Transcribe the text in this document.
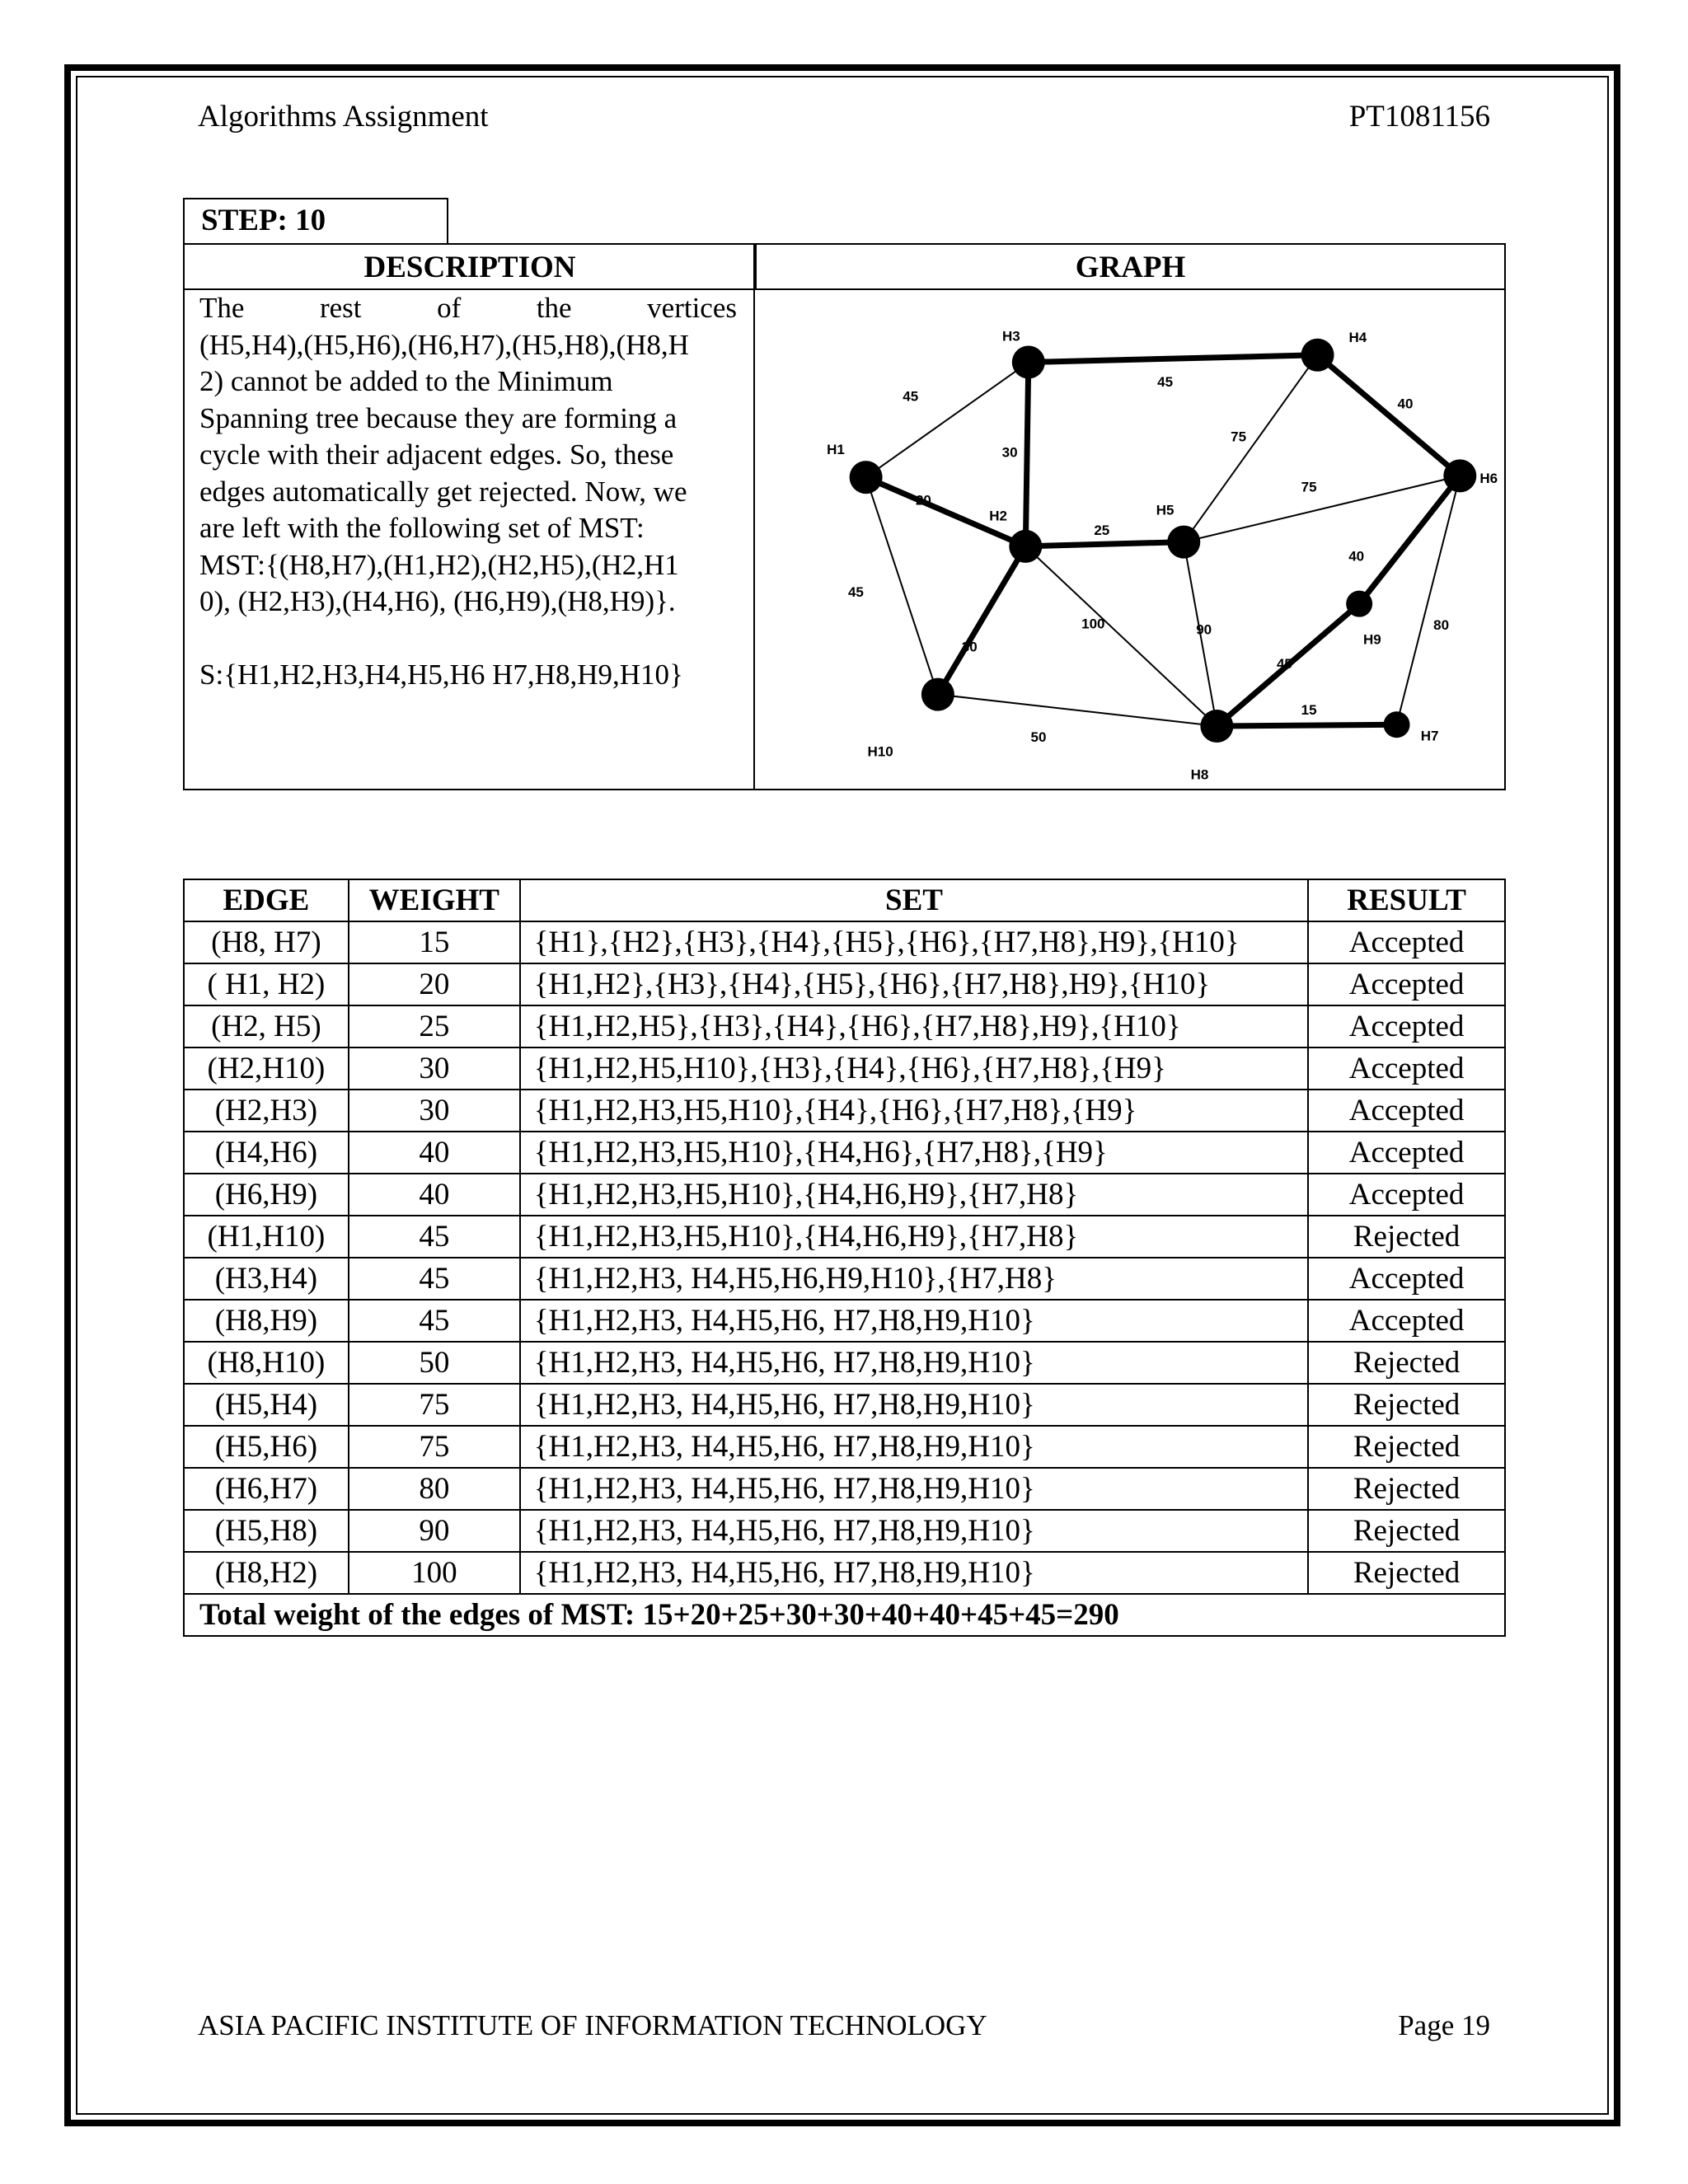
Algorithms Assignment	PT1081156
STEP: 10
DESCRIPTION	GRAPH

The rest of the vertices
(H5,H4),(H5,H6),(H6,H7),(H5,H8),(H8,H
2) cannot be added to the Minimum
Spanning tree because they are forming a
cycle with their adjacent edges. So, these
edges automatically get rejected. Now, we
are left with the following set of MST:
MST:{(H8,H7),(H1,H2),(H2,H5),(H2,H1
0), (H2,H3),(H4,H6), (H6,H9),(H8,H9)}.

S:{H1,H2,H3,H4,H5,H6 H7,H8,H9,H10}

45
45
30
40
75
75
20
25
45
30
100	90
40
80
45
15
50
H1
H2
H3	H4
H5
H6
H7
H8
H9
H10
EDGE	WEIGHT	SET	RESULT
(H8, H7)	15	{H1},{H2},{H3},{H4},{H5},{H6},{H7,H8},H9},{H10}	Accepted
( H1, H2)	20	{H1,H2},{H3},{H4},{H5},{H6},{H7,H8},H9},{H10}	Accepted
(H2, H5)	25	{H1,H2,H5},{H3},{H4},{H6},{H7,H8},H9},{H10}	Accepted
(H2,H10)	30	{H1,H2,H5,H10},{H3},{H4},{H6},{H7,H8},{H9}	Accepted
(H2,H3)	30	{H1,H2,H3,H5,H10},{H4},{H6},{H7,H8},{H9}	Accepted
(H4,H6)	40	{H1,H2,H3,H5,H10},{H4,H6},{H7,H8},{H9}	Accepted
(H6,H9)	40	{H1,H2,H3,H5,H10},{H4,H6,H9},{H7,H8}	Accepted
(H1,H10)	45	{H1,H2,H3,H5,H10},{H4,H6,H9},{H7,H8}	Rejected
(H3,H4)	45	{H1,H2,H3, H4,H5,H6,H9,H10},{H7,H8}	Accepted
(H8,H9)	45	{H1,H2,H3, H4,H5,H6, H7,H8,H9,H10}	Accepted
(H8,H10)	50	{H1,H2,H3, H4,H5,H6, H7,H8,H9,H10}	Rejected
(H5,H4)	75	{H1,H2,H3, H4,H5,H6, H7,H8,H9,H10}	Rejected
(H5,H6)	75	{H1,H2,H3, H4,H5,H6, H7,H8,H9,H10}	Rejected
(H6,H7)	80	{H1,H2,H3, H4,H5,H6, H7,H8,H9,H10}	Rejected
(H5,H8)	90	{H1,H2,H3, H4,H5,H6, H7,H8,H9,H10}	Rejected
(H8,H2)	100	{H1,H2,H3, H4,H5,H6, H7,H8,H9,H10}	Rejected
Total weight of the edges of MST: 15+20+25+30+30+40+40+45+45=290			
ASIA PACIFIC INSTITUTE OF INFORMATION TECHNOLOGY	Page 19
